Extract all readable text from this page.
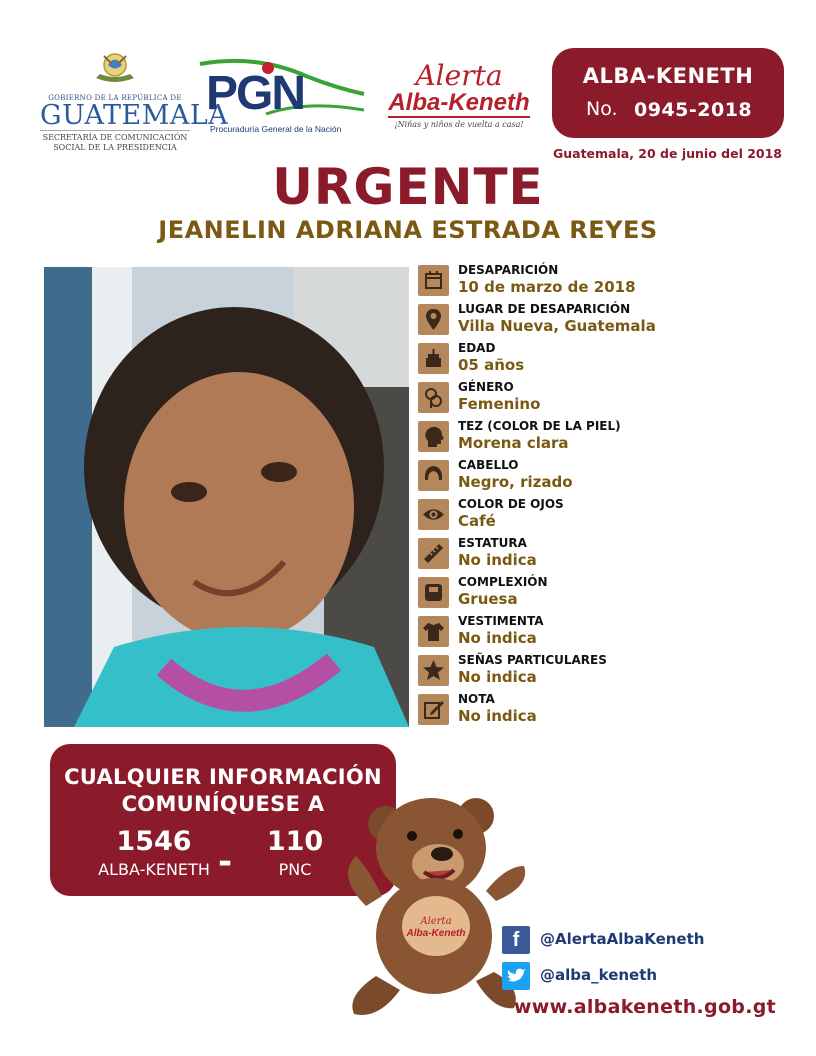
GOBIERNO DE LA REPÚBLICA DE
GUATEMALA
SECRETARÍA DE COMUNICACIÓN
SOCIAL DE LA PRESIDENCIA
PGN
Procuraduría General de la Nación
Alerta
Alba-Keneth
¡Niñas y niños de vuelta a casa!
ALBA-KENETH
No. 0945-2018
Guatemala, 20 de junio del 2018
URGENTE
JEANELIN ADRIANA ESTRADA REYES
DESAPARICIÓN
10 de marzo de 2018
LUGAR DE DESAPARICIÓN
Villa Nueva, Guatemala
EDAD
05 años
GÉNERO
Femenino
TEZ (COLOR DE LA PIEL)
Morena clara
CABELLO
Negro, rizado
COLOR DE OJOS
Café
ESTATURA
No indica
COMPLEXIÓN
Gruesa
VESTIMENTA
No indica
SEÑAS PARTICULARES
No indica
NOTA
No indica
CUALQUIER INFORMACIÓN
COMUNÍQUESE A
1546
ALBA-KENETH -
110
PNC
Alerta
Alba-Keneth	f	@AlertaAlbaKeneth
@alba_keneth
www.albakeneth.gob.gt
